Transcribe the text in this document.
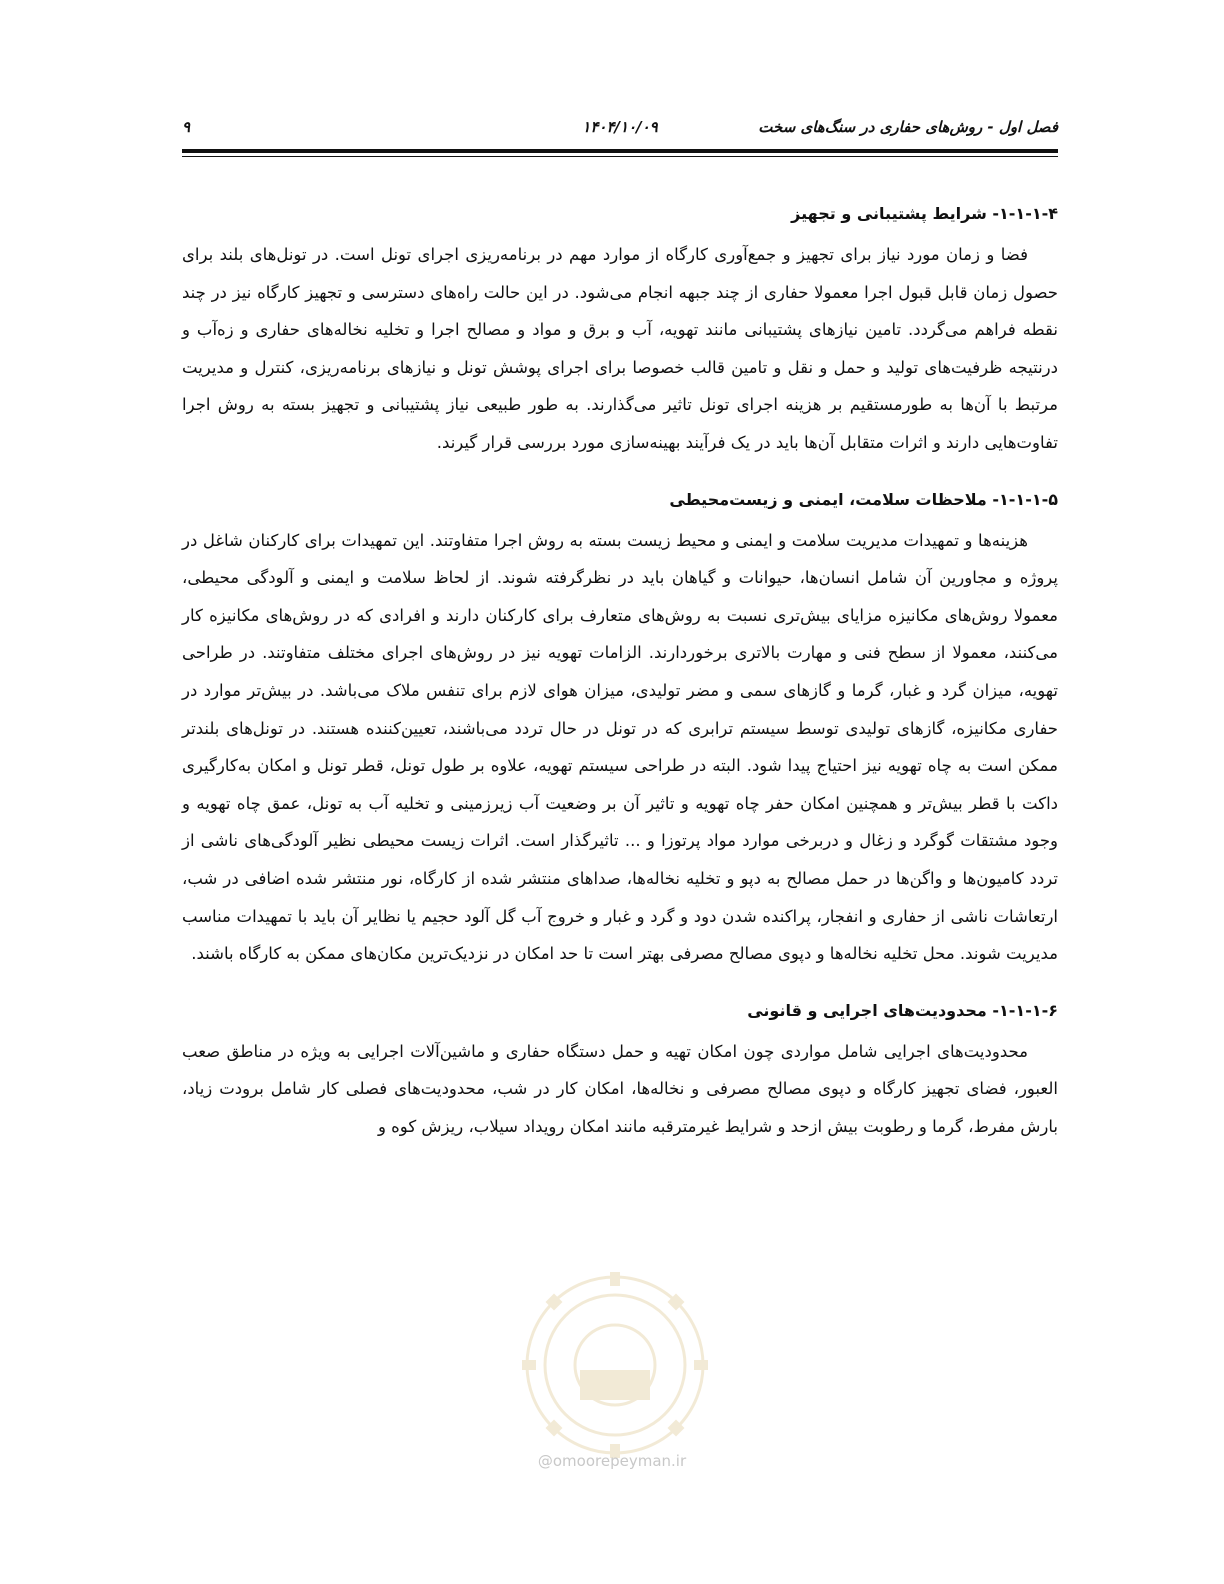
فصل اول - روش‌های حفاری در سنگ‌های سخت
۱۴۰۴/۱۰/۰۹
۹
۱-۱-۱-۴- شرایط پشتیبانی و تجهیز

فضا و زمان مورد نیاز برای تجهیز و جمع‌آوری کارگاه از موارد مهم در برنامه‌ریزی اجرای تونل است. در تونل‌های بلند برای حصول زمان قابل قبول اجرا معمولا حفاری از چند جبهه انجام می‌شود. در این حالت راه‌های دسترسی و تجهیز کارگاه نیز در چند نقطه فراهم می‌گردد. تامین نیازهای پشتیبانی مانند تهویه، آب و برق و مواد و مصالح اجرا و تخلیه نخاله‌های حفاری و زه‌آب و درنتیجه ظرفیت‌های تولید و حمل و نقل و تامین قالب خصوصا برای اجرای پوشش تونل و نیازهای برنامه‌ریزی، کنترل و مدیریت مرتبط با آن‌ها به طورمستقیم بر هزینه اجرای تونل تاثیر می‌گذارند. به طور طبیعی نیاز پشتیبانی و تجهیز بسته به روش اجرا تفاوت‌هایی دارند و اثرات متقابل آن‌ها باید در یک فرآیند بهینه‌سازی مورد بررسی قرار گیرند.

۱-۱-۱-۵- ملاحظات سلامت، ایمنی و زیست‌محیطی

هزینه‌ها و تمهیدات مدیریت سلامت و ایمنی و محیط زیست بسته به روش اجرا متفاوتند. این تمهیدات برای کارکنان شاغل در پروژه و مجاورین آن شامل انسان‌ها، حیوانات و گیاهان باید در نظرگرفته شوند. از لحاظ سلامت و ایمنی و آلودگی محیطی، معمولا روش‌های مکانیزه مزایای بیش‌تری نسبت به روش‌های متعارف برای کارکنان دارند و افرادی که در روش‌های مکانیزه کار می‌کنند، معمولا از سطح فنی و مهارت بالاتری برخوردارند. الزامات تهویه نیز در روش‌های اجرای مختلف متفاوتند. در طراحی تهویه، میزان گرد و غبار، گرما و گازهای سمی و مضر تولیدی، میزان هوای لازم برای تنفس ملاک می‌باشد. در بیش‌تر موارد در حفاری مکانیزه، گازهای تولیدی توسط سیستم ترابری که در تونل در حال تردد می‌باشند، تعیین‌کننده هستند. در تونل‌های بلندتر ممکن است به چاه تهویه نیز احتیاج پیدا شود. البته در طراحی سیستم تهویه، علاوه بر طول تونل، قطر تونل و امکان به‌کارگیری داکت با قطر بیش‌تر و همچنین امکان حفر چاه تهویه و تاثیر آن بر وضعیت آب زیرزمینی و تخلیه آب به تونل، عمق چاه تهویه و وجود مشتقات گوگرد و زغال و دربرخی موارد مواد پرتوزا و ... تاثیرگذار است. اثرات زیست محیطی نظیر آلودگی‌های ناشی از تردد کامیون‌ها و واگن‌ها در حمل مصالح به دپو و تخلیه نخاله‌ها، صداهای منتشر شده از کارگاه، نور منتشر شده اضافی در شب، ارتعاشات ناشی از حفاری و انفجار، پراکنده شدن دود و گرد و غبار و خروج آب گل آلود حجیم یا نظایر آن باید با تمهیدات مناسب مدیریت شوند. محل تخلیه نخاله‌ها و دپوی مصالح مصرفی بهتر است تا حد امکان در نزدیک‌ترین مکان‌های ممکن به کارگاه باشند.

۱-۱-۱-۶- محدودیت‌های اجرایی و قانونی

محدودیت‌های اجرایی شامل مواردی چون امکان تهیه و حمل دستگاه حفاری و ماشین‌آلات اجرایی به ویژه در مناطق صعب العبور، فضای تجهیز کارگاه و دپوی مصالح مصرفی و نخاله‌ها، امکان کار در شب، محدودیت‌های فصلی کار شامل برودت زیاد، بارش مفرط، گرما و رطوبت بیش ازحد و شرایط غیرمترقبه مانند امکان رویداد سیلاب، ریزش کوه و

@omoorepeyman.ir
